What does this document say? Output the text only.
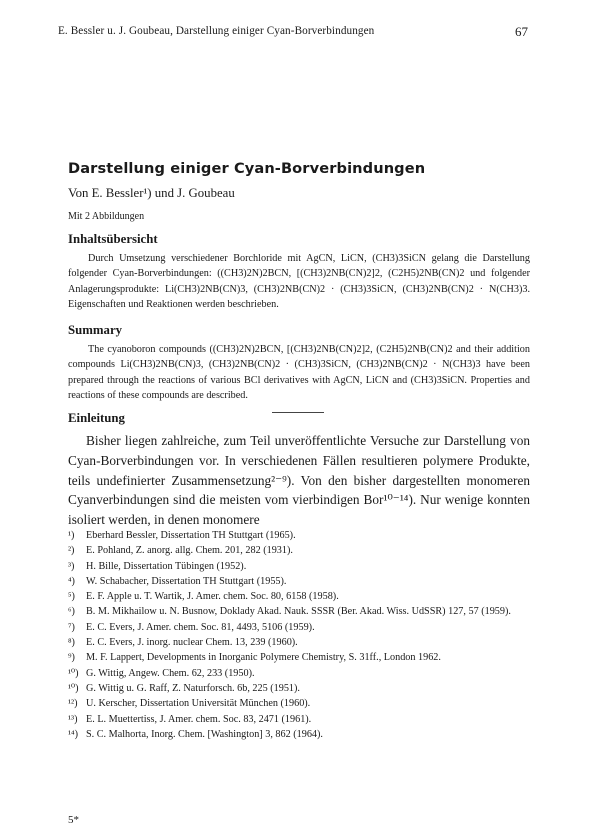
E. Bessler u. J. Goubeau, Darstellung einiger Cyan-Borverbindungen	67
Darstellung einiger Cyan-Borverbindungen
Von E. Bessler¹) und J. Goubeau
Mit 2 Abbildungen
Inhaltsübersicht
Durch Umsetzung verschiedener Borchloride mit AgCN, LiCN, (CH3)3SiCN gelang die Darstellung folgender Cyan-Borverbindungen: ((CH3)2N)2BCN, [(CH3)2NB(CN)2]2, (C2H5)2NB(CN)2 und folgender Anlagerungsprodukte: Li(CH3)2NB(CN)3, (CH3)2NB(CN)2 · (CH3)3SiCN, (CH3)2NB(CN)2 · N(CH3)3. Eigenschaften und Reaktionen werden beschrieben.
Summary
The cyanoboron compounds ((CH3)2N)2BCN, [(CH3)2NB(CN)2]2, (C2H5)2NB(CN)2 and their addition compounds Li(CH3)2NB(CN)3, (CH3)2NB(CN)2 · (CH3)3SiCN, (CH3)2NB(CN)2 · N(CH3)3 have been prepared through the reactions of various BCl derivatives with AgCN, LiCN and (CH3)3SiCN. Properties and reactions of these compounds are described.
Einleitung
Bisher liegen zahlreiche, zum Teil unveröffentlichte Versuche zur Darstellung von Cyan-Borverbindungen vor. In verschiedenen Fällen resultieren polymere Produkte, teils undefinierter Zusammensetzung²⁻⁹). Von den bisher dargestellten monomeren Cyanverbindungen sind die meisten vom vierbindigen Bor¹⁰⁻¹⁴). Nur wenige konnten isoliert werden, in denen monomere
¹) Eberhard Bessler, Dissertation TH Stuttgart (1965).
²) E. Pohland, Z. anorg. allg. Chem. 201, 282 (1931).
³) H. Bille, Dissertation Tübingen (1952).
⁴) W. Schabacher, Dissertation TH Stuttgart (1955).
⁵) E. F. Apple u. T. Wartik, J. Amer. chem. Soc. 80, 6158 (1958).
⁶) B. M. Mikhailow u. N. Busnow, Doklady Akad. Nauk. SSSR (Ber. Akad. Wiss. UdSSR) 127, 57 (1959).
⁷) E. C. Evers, J. Amer. chem. Soc. 81, 4493, 5106 (1959).
⁸) E. C. Evers, J. inorg. nuclear Chem. 13, 239 (1960).
⁹) M. F. Lappert, Developments in Inorganic Polymere Chemistry, S. 31ff., London 1962.
¹⁰) G. Wittig, Angew. Chem. 62, 233 (1950).
¹⁰) G. Wittig u. G. Raff, Z. Naturforsch. 6b, 225 (1951).
¹²) U. Kerscher, Dissertation Universität München (1960).
¹³) E. L. Muettertiss, J. Amer. chem. Soc. 83, 2471 (1961).
¹⁴) S. C. Malhorta, Inorg. Chem. [Washington] 3, 862 (1964).
5*
